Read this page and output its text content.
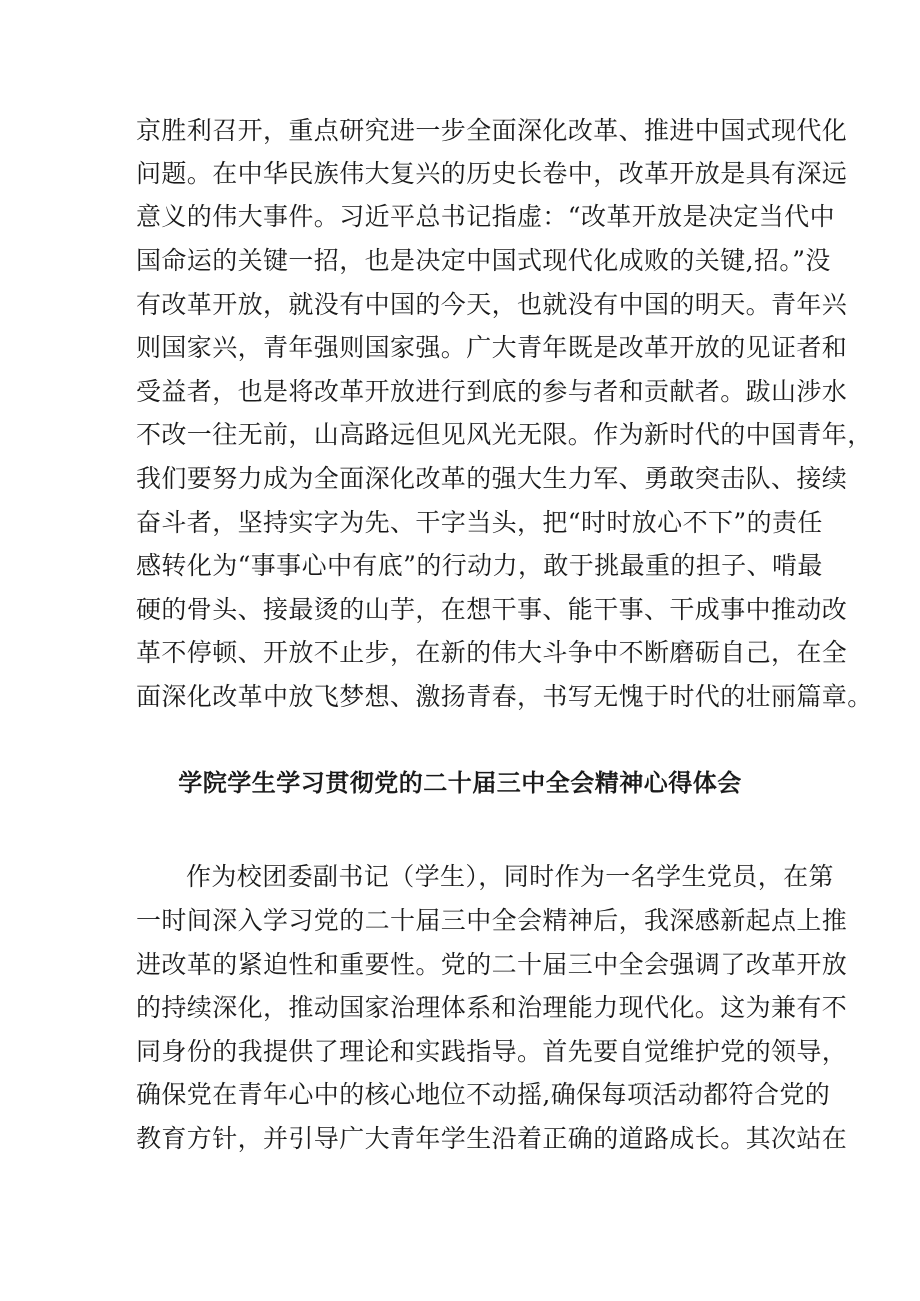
京胜利召开，重点研究进一步全面深化改革、推进中国式现代化
问题。在中华民族伟大复兴的历史长卷中，改革开放是具有深远
意义的伟大事件。习近平总书记指虚：“改革开放是决定当代中
国命运的关键一招，也是决定中国式现代化成败的关键,招。”没
有改革开放，就没有中国的今天，也就没有中国的明天。青年兴
则国家兴，青年强则国家强。广大青年既是改革开放的见证者和
受益者，也是将改革开放进行到底的参与者和贡献者。跋山涉水
不改一往无前，山高路远但见风光无限。作为新时代的中国青年，
我们要努力成为全面深化改革的强大生力军、勇敢突击队、接续
奋斗者，坚持实字为先、干字当头，把“时时放心不下”的责任
感转化为“事事心中有底”的行动力，敢于挑最重的担子、啃最
硬的骨头、接最烫的山芋，在想干事、能干事、干成事中推动改
革不停顿、开放不止步，在新的伟大斗争中不断磨砺自己，在全
面深化改革中放飞梦想、激扬青春，书写无愧于时代的壮丽篇章。
学院学生学习贯彻党的二十届三中全会精神心得体会
作为校团委副书记（学生），同时作为一名学生党员，在第
一时间深入学习党的二十届三中全会精神后，我深感新起点上推
进改革的紧迫性和重要性。党的二十届三中全会强调了改革开放
的持续深化，推动国家治理体系和治理能力现代化。这为兼有不
同身份的我提供了理论和实践指导。首先要自觉维护党的领导，
确保党在青年心中的核心地位不动摇,确保每项活动都符合党的
教育方针，并引导广大青年学生沿着正确的道路成长。其次站在
